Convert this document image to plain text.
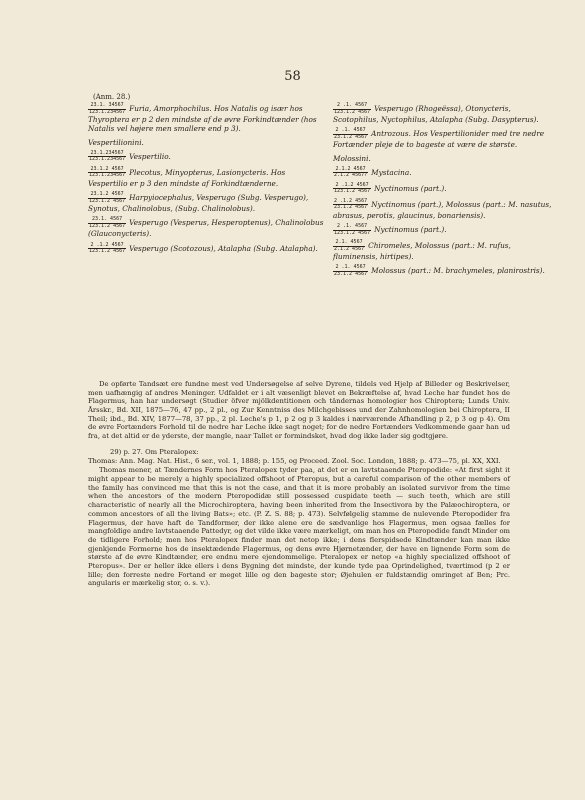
58
(Anm. 28.)
$\frac{23.1. 34567}{123.1.234567}$ Furia, Amorphochilus. Hos Natalis og især hos Thyroptera er p 2 den mindste af de øvre Forkindtænder (hos Natalis vel højere men smallere end p 3).
Vespertilionini.
$\frac{23.1.234567}{123.1.234567}$ Vespertilio.
$\frac{23.1.2 4567}{123.1.234567}$ Plecotus, Minyopterus, Lasionycteris. Hos Vespertilio er p 3 den mindste af Forkindtænderne.
$\frac{23.1.2 4567}{123.1.2 4567}$ Harpyiocephalus, Vesperugo (Subg. Vesperugo), Synotus, Chalinolobus, (Subg. Chalinolobus).
$\frac{23.1. 4567}{123.1.2 4567}$ Vesperugo (Vesperus, Hesperoptenus), Chalinolobus (Glauconycteris).
$\frac{2 .1.2 4567}{123.1.2 4567}$ Vesperugo (Scotozous), Atalapha (Subg. Atalapha).
$\frac{2 .1. 4567}{123.1.2 4567}$ Vesperugo (Rhogeëssa), Otonycteris, Scotophilus, Nyctophilus, Atalapha (Subg. Dasypterus).
$\frac{2 .1. 4567}{23.1.2 4567}$ Antrozous. Hos Vespertilionider med tre nedre Fortænder pleje de to bageste at være de største.
Molossini.
$\frac{2.1.2 4567}{2.1.2 4567?}$ Mystacina.
$\frac{2 .1.2 4567}{123.1.2 4567}$ Nyctinomus (part.).
$\frac{2 .1.2 4567}{23.1.2 4567}$ Nyctinomus (part.), Molossus (part.: M. nasutus, abrasus, perotis, glaucinus, bonariensis).
$\frac{2 .1. 4567}{123.1.2 4567}$ Nyctinomus (part.).
$\frac{2.1. 4567}{2.1.2 4567}$ Chiromeles, Molossus (part.: M. rufus, fluminensis, hirtipes).
$\frac{2 .1. 4567}{23.1.2 4567}$ Molossus (part.: M. brachymeles, planirostris).
De opførte Tandsæt ere fundne mest ved Undersøgelse af selve Dyrene, tildels ved Hjelp af Billeder og Beskrivelser, men uafhængig af andres Meninger. Udfaldet er i alt væsenligt blevet en Bekræftelse af, hvad Leche har fundet hos de Flagermus, han har undersøgt (Studier öfver mjölkdentitionen och tändernas homologier hos Chiroptera; Lunds Univ. Årsskr., Bd. XII, 1875—76, 47 pp., 2 pl., og Zur Kenntniss des Milchgebisses und der Zahnhomologien bei Chiroptera, II Theil; ibd., Bd. XIV, 1877—78, 37 pp., 2 pl. Leche's p 1, p 2 og p 3 kaldes i nærværende Afhandling p 2, p 3 og p 4). Om de øvre Fortænders Forhold til de nedre har Leche ikke sagt noget; for de nedre Fortænders Vedkommende gaar han ud fra, at det altid er de yderste, der mangle, naar Tallet er formindsket, hvad dog ikke lader sig godtgjøre.
29) p. 27. Om Pteralopex:
Thomas: Ann. Mag. Nat. Hist., 6 ser., vol. 1, 1888; p. 155, og Proceed. Zool. Soc. London, 1888; p. 473—75, pl. XX, XXI.
Thomas mener, at Tændernes Form hos Pteralopex tyder paa, at det er en lavtstaaende Pteropodide: «At first sight it might appear to be merely a highly specialized offshoot of Pteropus, but a careful comparison of the other members of the family has convinced me that this is not the case, and that it is more probably an isolated survivor from the time when the ancestors of the modern Pteropodidæ still possessed cuspidate teeth — such teeth, which are still characteristic of nearly all the Microchiroptera, having been inherited from the Insectivora by the Palæochiroptera, or common ancestors of all the living Bats»; etc. (P. Z. S. 88; p. 473). Selvfølgelig stamme de nulevende Pteropodider fra Flagermus, der have haft de Tandformer, der ikke alene ere de sædvanlige hos Flagermus, men ogsaa fælles for mangfoldige andre lavtstaaende Pattedyr, og det vilde ikke være mærkeligt, om man hos en Pteropodide fandt Minder om de tidligere Forhold; men hos Pteralopex finder man det netop ikke; i dens flerspidsede Kindtænder kan man ikke gjenkjende Formerne hos de insektædende Flagermus, og dens øvre Hjørnetænder, der have en lignende Form som de største af de øvre Kindtænder, ere endnu mere ejendommelige. Pteralopex er netop «a highly specialized offshoot of Pteropus». Der er heller ikke ellers i dens Bygning det mindste, der kunde tyde paa Oprindelighed, tværtimod (p 2 er lille; den forreste nedre Fortand er meget lille og den bageste stor; Øjehulen er fuldstændig omringet af Ben; Prc. angularis er mærkelig stor, o. s. v.).
